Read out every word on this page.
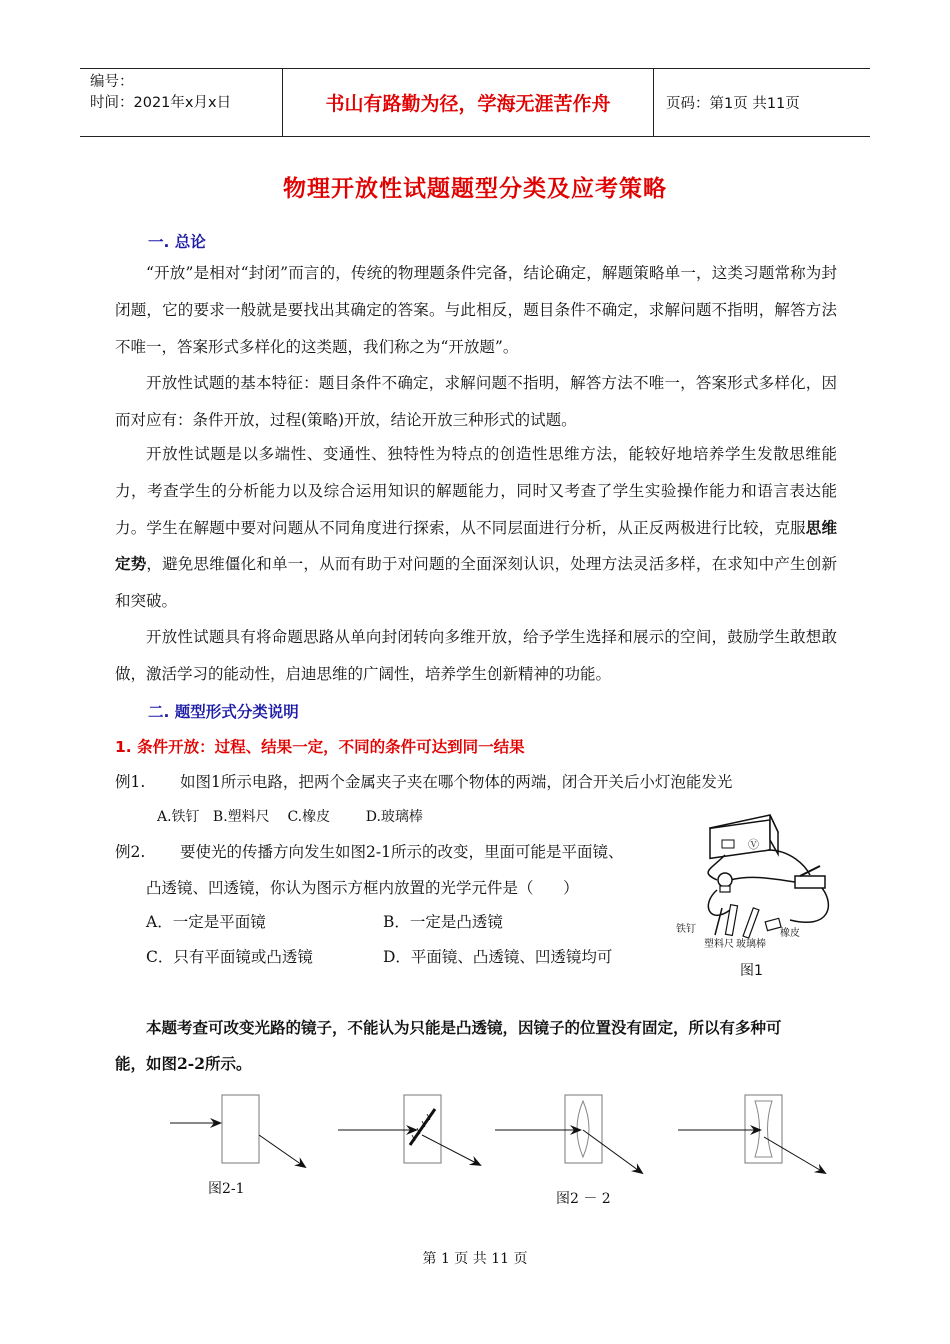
编号：
时间：2021年x月x日	书山有路勤为径，学海无涯苦作舟	页码：第1页 共11页
物理开放性试题题型分类及应考策略
一. 总论

“开放”是相对“封闭”而言的，传统的物理题条件完备，结论确定，解题策略单一，这类习题常称为封闭题，它的要求一般就是要找出其确定的答案。与此相反，题目条件不确定，求解问题不指明，解答方法不唯一，答案形式多样化的这类题，我们称之为“开放题”。

开放性试题的基本特征：题目条件不确定，求解问题不指明，解答方法不唯一，答案形式多样化，因而对应有：条件开放，过程(策略)开放，结论开放三种形式的试题。

开放性试题是以多端性、变通性、独特性为特点的创造性思维方法，能较好地培养学生发散思维能力，考查学生的分析能力以及综合运用知识的解题能力，同时又考查了学生实验操作能力和语言表达能力。学生在解题中要对问题从不同角度进行探索，从不同层面进行分析，从正反两极进行比较，克服思维定势，避免思维僵化和单一，从而有助于对问题的全面深刻认识，处理方法灵活多样，在求知中产生创新和突破。

开放性试题具有将命题思路从单向封闭转向多维开放，给予学生选择和展示的空间，鼓励学生敢想敢做，激活学习的能动性，启迪思维的广阔性，培养学生创新精神的功能。

二. 题型形式分类说明
1. 条件开放：过程、结果一定，不同的条件可达到同一结果
例1. 如图1所示电路，把两个金属夹子夹在哪个物体的两端，闭合开关后小灯泡能发光
A.铁钉   B.塑料尺    C.橡皮        D.玻璃棒
例2. 要使光的传播方向发生如图2-1所示的改变，里面可能是平面镜、
凸透镜、凹透镜，你认为图示方框内放置的光学元件是（      ）
A．一定是平面镜	B．一定是凸透镜
C．只有平面镜或凸透镜	D．平面镜、凸透镜、凹透镜均可
Ⓥ
铁钉
塑料尺 玻璃棒
橡皮
图1
本题考查可改变光路的镜子，不能认为只能是凸透镜，因镜子的位置没有固定，所以有多种可
能，如图2-2所示。
图2-1
图2 － 2
第 1 页 共 11 页
